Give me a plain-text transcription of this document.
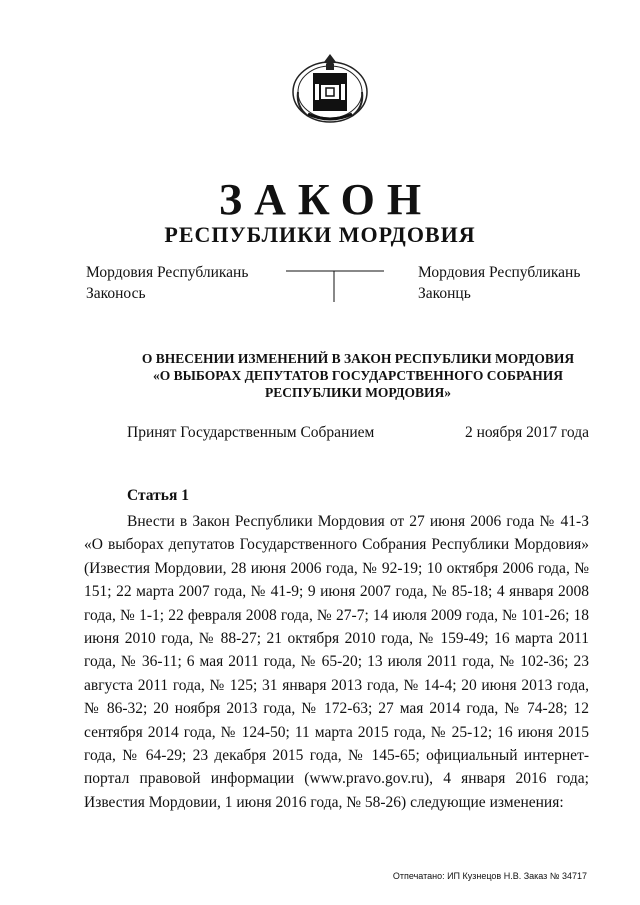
ЗАКОН
РЕСПУБЛИКИ МОРДОВИЯ
Мордовия Республикань
Законось
Мордовия Республикань
Законць
О ВНЕСЕНИИ ИЗМЕНЕНИЙ В ЗАКОН РЕСПУБЛИКИ МОРДОВИЯ
«О ВЫБОРАХ ДЕПУТАТОВ ГОСУДАРСТВЕННОГО СОБРАНИЯ
РЕСПУБЛИКИ МОРДОВИЯ»
Принят Государственным Собранием	2 ноября 2017 года
Статья 1

Внести в Закон Республики Мордовия от 27 июня 2006 года № 41-З «О выборах депутатов Государственного Собрания Республики Мордовия» (Известия Мордовии, 28 июня 2006 года, № 92-19; 10 октября 2006 года, № 151; 22 марта 2007 года, № 41-9; 9 июня 2007 года, № 85-18; 4 января 2008 года, № 1-1; 22 февраля 2008 года, № 27-7; 14 июля 2009 года, № 101-26; 18 июня 2010 года, № 88-27; 21 октября 2010 года, № 159-49; 16 марта 2011 года, № 36-11; 6 мая 2011 года, № 65-20; 13 июля 2011 года, № 102-36; 23 августа 2011 года, № 125; 31 января 2013 года, № 14-4; 20 июня 2013 года, № 86-32; 20 ноября 2013 года, № 172-63; 27 мая 2014 года, № 74-28; 12 сентября 2014 года, № 124-50; 11 марта 2015 года, № 25-12; 16 июня 2015 года, № 64-29; 23 декабря 2015 года, № 145-65; официальный интернет-портал правовой информации (www.pravo.gov.ru), 4 января 2016 года; Известия Мордовии, 1 июня 2016 года, № 58-26) следующие изменения:

Отпечатано: ИП Кузнецов Н.В. Заказ № 34717
